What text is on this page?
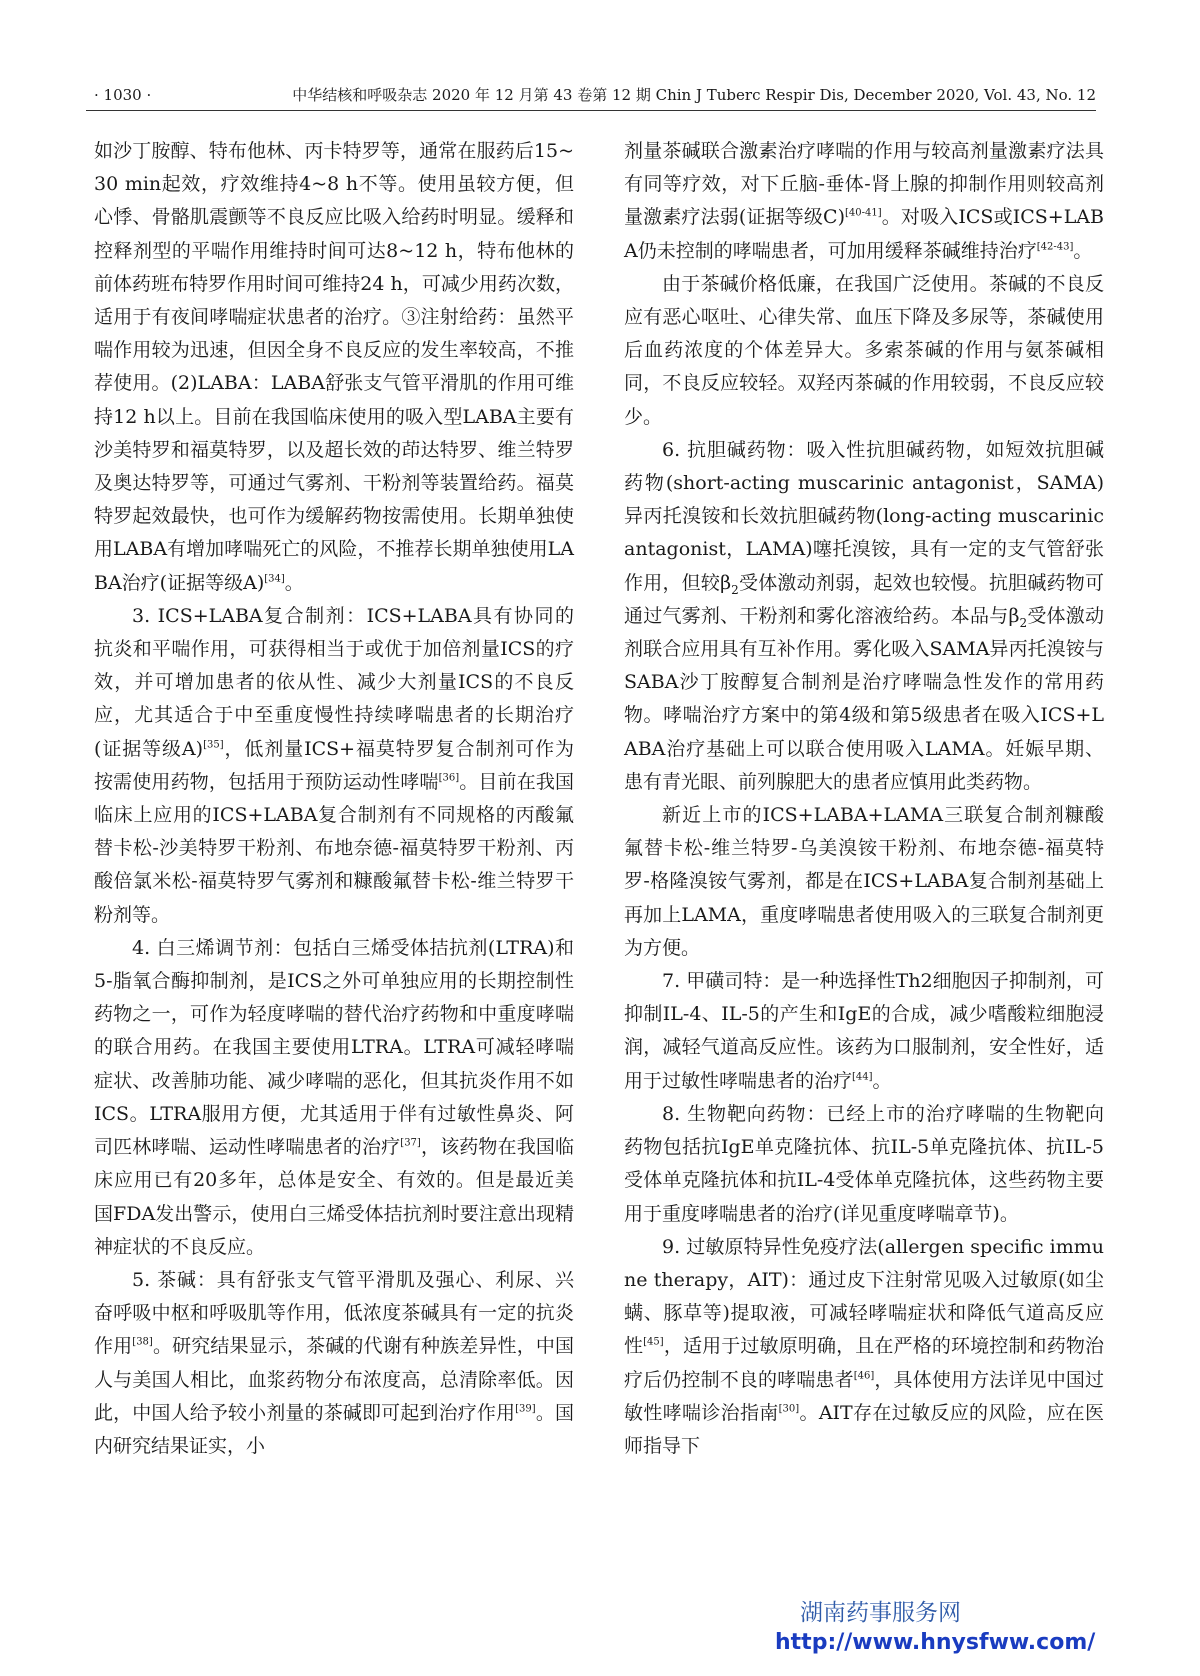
· 1030 ·	中华结核和呼吸杂志 2020 年 12 月第 43 卷第 12 期 Chin J Tuberc Respir Dis, December 2020, Vol. 43, No. 12

如沙丁胺醇、特布他林、丙卡特罗等，通常在服药后15~30 min起效，疗效维持4~8 h不等。使用虽较方便，但心悸、骨骼肌震颤等不良反应比吸入给药时明显。缓释和控释剂型的平喘作用维持时间可达8~12 h，特布他林的前体药班布特罗作用时间可维持24 h，可减少用药次数，适用于有夜间哮喘症状患者的治疗。③注射给药：虽然平喘作用较为迅速，但因全身不良反应的发生率较高，不推荐使用。(2)LABA：LABA舒张支气管平滑肌的作用可维持12 h以上。目前在我国临床使用的吸入型LABA主要有沙美特罗和福莫特罗，以及超长效的茚达特罗、维兰特罗及奥达特罗等，可通过气雾剂、干粉剂等装置给药。福莫特罗起效最快，也可作为缓解药物按需使用。长期单独使用LABA有增加哮喘死亡的风险，不推荐长期单独使用LABA治疗(证据等级A)[34]。

3. ICS+LABA复合制剂：ICS+LABA具有协同的抗炎和平喘作用，可获得相当于或优于加倍剂量ICS的疗效，并可增加患者的依从性、减少大剂量ICS的不良反应，尤其适合于中至重度慢性持续哮喘患者的长期治疗(证据等级A)[35]，低剂量ICS+福莫特罗复合制剂可作为按需使用药物，包括用于预防运动性哮喘[36]。目前在我国临床上应用的ICS+LABA复合制剂有不同规格的丙酸氟替卡松-沙美特罗干粉剂、布地奈德-福莫特罗干粉剂、丙酸倍氯米松-福莫特罗气雾剂和糠酸氟替卡松-维兰特罗干粉剂等。

4. 白三烯调节剂：包括白三烯受体拮抗剂(LTRA)和5-脂氧合酶抑制剂，是ICS之外可单独应用的长期控制性药物之一，可作为轻度哮喘的替代治疗药物和中重度哮喘的联合用药。在我国主要使用LTRA。LTRA可减轻哮喘症状、改善肺功能、减少哮喘的恶化，但其抗炎作用不如ICS。LTRA服用方便，尤其适用于伴有过敏性鼻炎、阿司匹林哮喘、运动性哮喘患者的治疗[37]，该药物在我国临床应用已有20多年，总体是安全、有效的。但是最近美国FDA发出警示，使用白三烯受体拮抗剂时要注意出现精神症状的不良反应。

5. 茶碱：具有舒张支气管平滑肌及强心、利尿、兴奋呼吸中枢和呼吸肌等作用，低浓度茶碱具有一定的抗炎作用[38]。研究结果显示，茶碱的代谢有种族差异性，中国人与美国人相比，血浆药物分布浓度高，总清除率低。因此，中国人给予较小剂量的茶碱即可起到治疗作用[39]。国内研究结果证实，小

剂量茶碱联合激素治疗哮喘的作用与较高剂量激素疗法具有同等疗效，对下丘脑-垂体-肾上腺的抑制作用则较高剂量激素疗法弱(证据等级C)[40-41]。对吸入ICS或ICS+LABA仍未控制的哮喘患者，可加用缓释茶碱维持治疗[42-43]。

由于茶碱价格低廉，在我国广泛使用。茶碱的不良反应有恶心呕吐、心律失常、血压下降及多尿等，茶碱使用后血药浓度的个体差异大。多索茶碱的作用与氨茶碱相同，不良反应较轻。双羟丙茶碱的作用较弱，不良反应较少。

6. 抗胆碱药物：吸入性抗胆碱药物，如短效抗胆碱药物(short-acting muscarinic antagonist，SAMA)异丙托溴铵和长效抗胆碱药物(long-acting muscarinic antagonist，LAMA)噻托溴铵，具有一定的支气管舒张作用，但较$\beta_2$受体激动剂弱，起效也较慢。抗胆碱药物可通过气雾剂、干粉剂和雾化溶液给药。本品与$\beta_2$受体激动剂联合应用具有互补作用。雾化吸入SAMA异丙托溴铵与SABA沙丁胺醇复合制剂是治疗哮喘急性发作的常用药物。哮喘治疗方案中的第4级和第5级患者在吸入ICS+LABA治疗基础上可以联合使用吸入LAMA。妊娠早期、患有青光眼、前列腺肥大的患者应慎用此类药物。

新近上市的ICS+LABA+LAMA三联复合制剂糠酸氟替卡松-维兰特罗-乌美溴铵干粉剂、布地奈德-福莫特罗-格隆溴铵气雾剂，都是在ICS+LABA复合制剂基础上再加上LAMA，重度哮喘患者使用吸入的三联复合制剂更为方便。

7. 甲磺司特：是一种选择性Th2细胞因子抑制剂，可抑制IL-4、IL-5的产生和IgE的合成，减少嗜酸粒细胞浸润，减轻气道高反应性。该药为口服制剂，安全性好，适用于过敏性哮喘患者的治疗[44]。

8. 生物靶向药物：已经上市的治疗哮喘的生物靶向药物包括抗IgE单克隆抗体、抗IL-5单克隆抗体、抗IL-5受体单克隆抗体和抗IL-4受体单克隆抗体，这些药物主要用于重度哮喘患者的治疗(详见重度哮喘章节)。

9. 过敏原特异性免疫疗法(allergen specific immune therapy，AIT)：通过皮下注射常见吸入过敏原(如尘螨、豚草等)提取液，可减轻哮喘症状和降低气道高反应性[45]，适用于过敏原明确，且在严格的环境控制和药物治疗后仍控制不良的哮喘患者[46]，具体使用方法详见中国过敏性哮喘诊治指南[30]。AIT存在过敏反应的风险，应在医师指导下

湖南药事服务网
http://www.hnysfww.com/
